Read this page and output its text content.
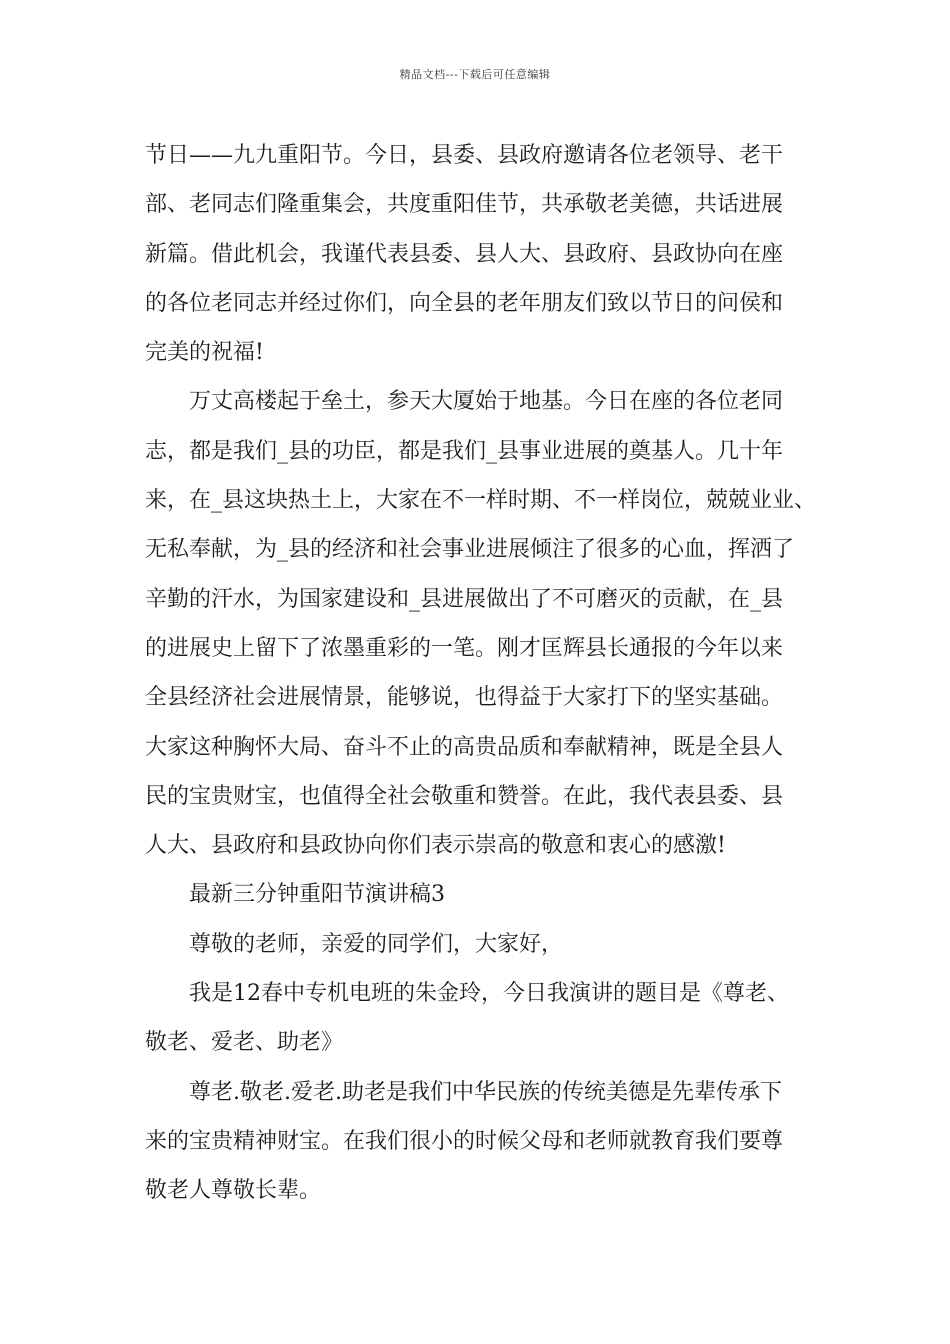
精品文档---下载后可任意编辑
节日——九九重阳节。今日，县委、县政府邀请各位老领导、老干
部、老同志们隆重集会，共度重阳佳节，共承敬老美德，共话进展
新篇。借此机会，我谨代表县委、县人大、县政府、县政协向在座
的各位老同志并经过你们，向全县的老年朋友们致以节日的问侯和
完美的祝福!
万丈高楼起于垒土，参天大厦始于地基。今日在座的各位老同
志，都是我们_县的功臣，都是我们_县事业进展的奠基人。几十年
来，在_县这块热土上，大家在不一样时期、不一样岗位，兢兢业业、
无私奉献，为_县的经济和社会事业进展倾注了很多的心血，挥洒了
辛勤的汗水，为国家建设和_县进展做出了不可磨灭的贡献，在_县
的进展史上留下了浓墨重彩的一笔。刚才匡辉县长通报的今年以来
全县经济社会进展情景，能够说，也得益于大家打下的坚实基础。
大家这种胸怀大局、奋斗不止的高贵品质和奉献精神，既是全县人
民的宝贵财宝，也值得全社会敬重和赞誉。在此，我代表县委、县
人大、县政府和县政协向你们表示崇高的敬意和衷心的感激!
最新三分钟重阳节演讲稿3
尊敬的老师，亲爱的同学们，大家好，
我是12春中专机电班的朱金玲，今日我演讲的题目是《尊老、
敬老、爱老、助老》
尊老.敬老.爱老.助老是我们中华民族的传统美德是先辈传承下
来的宝贵精神财宝。在我们很小的时候父母和老师就教育我们要尊
敬老人尊敬长辈。
